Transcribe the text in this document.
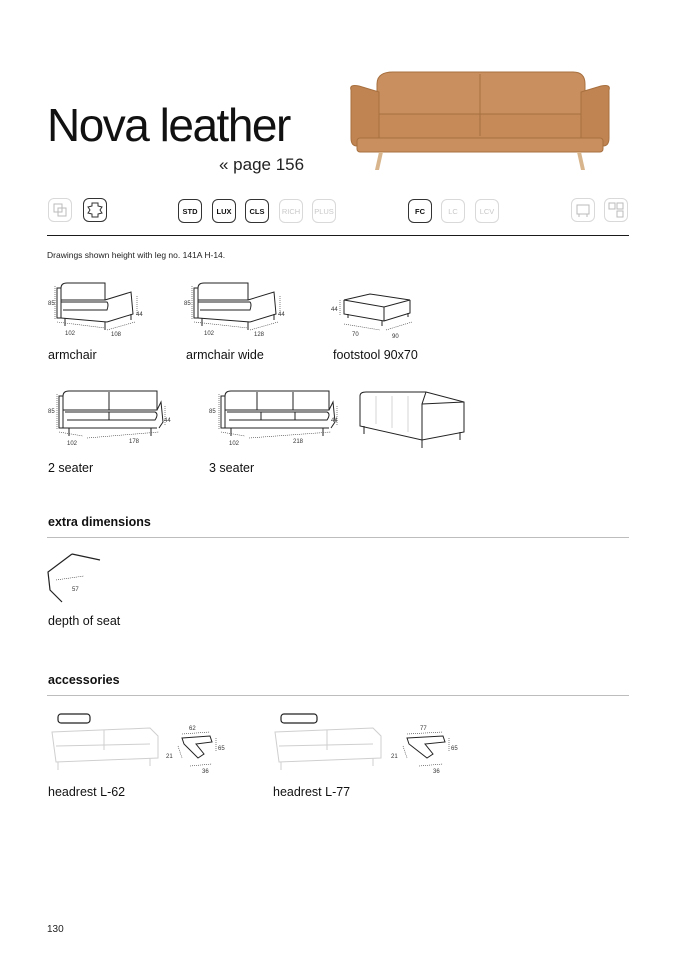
Nova leather
« page 156
STD	LUX	CLS	RICH	PLUS	FC	LC	LCV
Drawings shown height with leg no. 141A H-14.
85
102	108
44
armchair
85
102	128
44
armchair wide
44
70	90
footstool 90x70
85
102	178
44
2 seater
85
102	218
44
3 seater
extra dimensions
57
depth of seat
accessories
62
65
21
36
headrest L-62
77
65
21
36
headrest L-77
130
